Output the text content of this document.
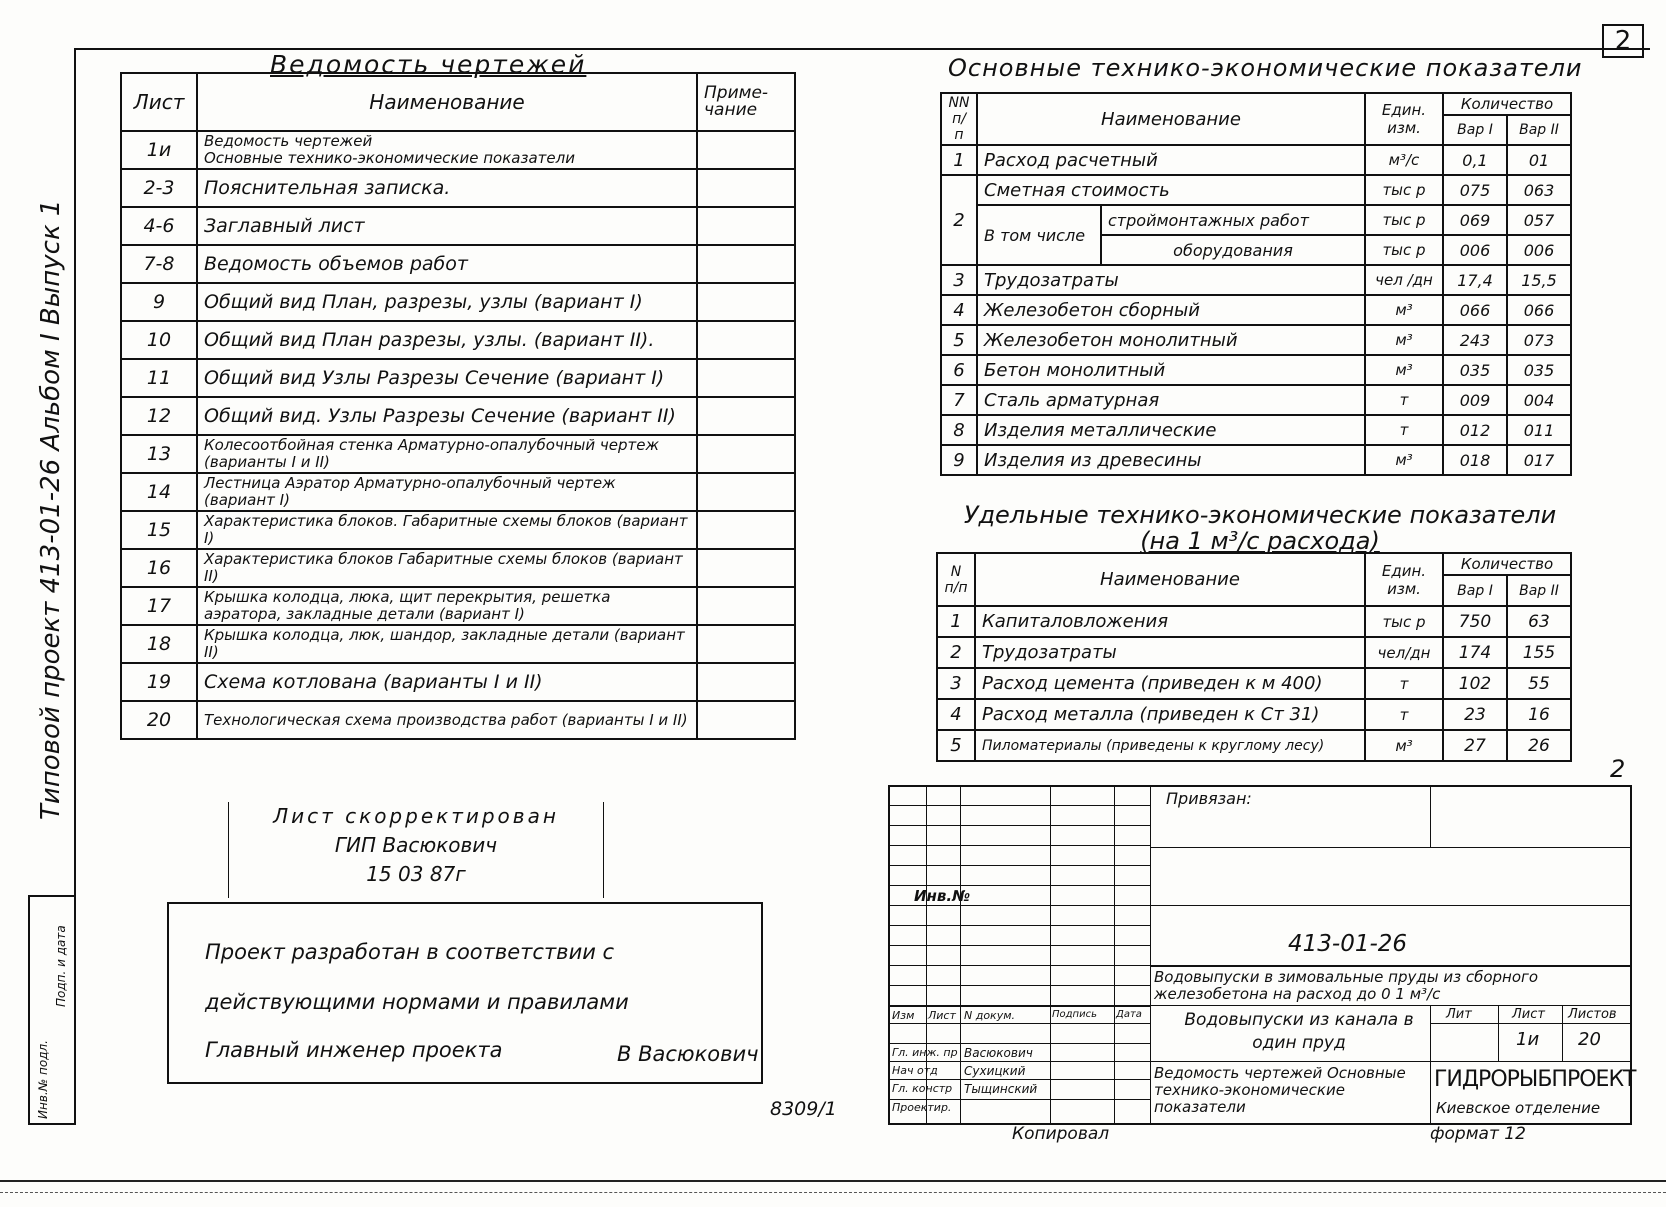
2
Типовой проект 413-01-26 Альбом I Выпуск 1
Инв.№ подл.
Подп. и дата
Ведомость чертежей
Лист	Наименование	Приме-чание
1и	Ведомость чертежей
Основные технико-экономические показатели	
2-3	Пояснительная записка.	
4-6	Заглавный лист	
7-8	Ведомость объемов работ	
9	Общий вид План, разрезы, узлы (вариант I)	
10	Общий вид План разрезы, узлы. (вариант II).	
11	Общий вид Узлы Разрезы Сечение (вариант I)	
12	Общий вид. Узлы Разрезы Сечение (вариант II)	
13	Колесоотбойная стенка Арматурно-опалубочный чертеж (варианты I и II)	
14	Лестница Аэратор Арматурно-опалубочный чертеж (вариант I)	
15	Характеристика блоков. Габаритные схемы блоков (вариант I)	
16	Характеристика блоков Габаритные схемы блоков (вариант II)	
17	Крышка колодца, люка, щит перекрытия, решетка аэратора, закладные детали (вариант I)	
18	Крышка колодца, люк, шандор, закладные детали (вариант II)	
19	Схема котлована (варианты I и II)	
20	Технологическая схема производства работ (варианты I и II)	
Основные технико-экономические показатели
NN п/п	Наименование		Един. изм.	Количество	
				Вар I	Вар II
1	Расход расчетный		м³/с	0,1	01
2	Сметная стоимость		тыс р	075	063
	В том числе	строймонтажных работ	тыс р	069	057
		оборудования	тыс р	006	006
3	Трудозатраты		чел /дн	17,4	15,5
4	Железобетон сборный		м³	066	066
5	Железобетон монолитный		м³	243	073
6	Бетон монолитный		м³	035	035
7	Сталь арматурная		т	009	004
8	Изделия металлические		т	012	011
9	Изделия из древесины		м³	018	017
Удельные технико-экономические показатели
(на 1 м³/с расхода)
N п/п	Наименование	Един. изм.	Количество	
			Вар I	Вар II
1	Капиталовложения	тыс р	750	63
2	Трудозатраты	чел/дн	174	155
3	Расход цемента (приведен к м 400)	т	102	55
4	Расход металла (приведен к Ст 31)	т	23	16
5	Пиломатериалы (приведены к круглому лесу)	м³	27	26
2
Лист скорректирован
ГИП Васюкович
15 03 87г
Проект разработан в соответствии с
действующими нормами и правилами
Главный инженер проекта	В Васюкович
8309/1
Привязан:
Инв.№
413-01-26
Изм Лист N докум.	Подпись Дата
Гл. инж. пр
Нач отд
Гл. констр
Проектир.
Васюкович
Сухицкий
Тыщинский
Водовыпуски в зимовальные пруды из сборного железобетона на расход до 0 1 м³/с
Водовыпуски из канала в один пруд
Ведомость чертежей Основные технико-экономические показатели
Лит	Лист Листов
1и 20
ГИДРОРЫБПРОЕКТ
Киевское отделение
Копировал	формат 12
